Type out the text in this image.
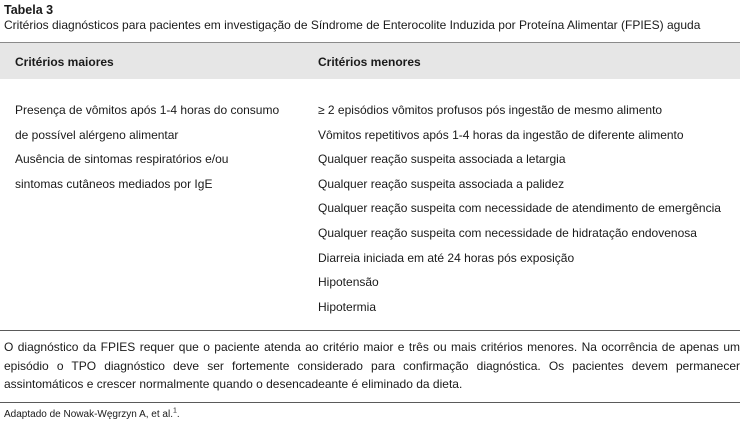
Tabela 3
Critérios diagnósticos para pacientes em investigação de Síndrome de Enterocolite Induzida por Proteína Alimentar (FPIES) aguda
Critérios maiores	Critérios menores
Presença de vômitos após 1-4 horas do consumo
de possível alérgeno alimentar
Ausência de sintomas respiratórios e/ou
sintomas cutâneos mediados por IgE
≥ 2 episódios vômitos profusos pós ingestão de mesmo alimento
Vômitos repetitivos após 1-4 horas da ingestão de diferente alimento
Qualquer reação suspeita associada a letargia
Qualquer reação suspeita associada a palidez
Qualquer reação suspeita com necessidade de atendimento de emergência
Qualquer reação suspeita com necessidade de hidratação endovenosa
Diarreia iniciada em até 24 horas pós exposição
Hipotensão
Hipotermia
O diagnóstico da FPIES requer que o paciente atenda ao critério maior e três ou mais critérios menores. Na ocorrência de apenas um episódio o TPO diagnóstico deve ser fortemente considerado para confirmação diagnóstica. Os pacientes devem permanecer assintomáticos e crescer normalmente quando o desencadeante é eliminado da dieta.
Adaptado de Nowak-Węgrzyn A, et al.$^1$.
